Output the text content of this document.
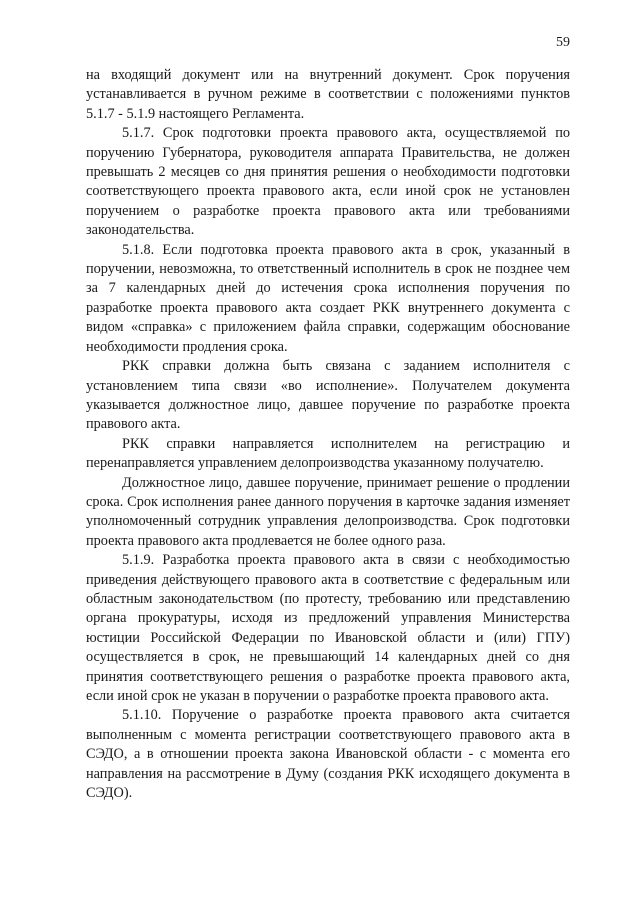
59

на входящий документ или на внутренний документ. Срок поручения устанавливается в ручном режиме в соответствии с положениями пунктов 5.1.7 - 5.1.9 настоящего Регламента.

5.1.7. Срок подготовки проекта правового акта, осуществляемой по поручению Губернатора, руководителя аппарата Правительства, не должен превышать 2 месяцев со дня принятия решения о необходимости подготовки соответствующего проекта правового акта, если иной срок не установлен поручением о разработке проекта правового акта или требованиями законодательства.

5.1.8. Если подготовка проекта правового акта в срок, указанный в поручении, невозможна, то ответственный исполнитель в срок не позднее чем за 7 календарных дней до истечения срока исполнения поручения по разработке проекта правового акта создает РКК внутреннего документа с видом «справка» с приложением файла справки, содержащим обоснование необходимости продления срока.

РКК справки должна быть связана с заданием исполнителя с установлением типа связи «во исполнение». Получателем документа указывается должностное лицо, давшее поручение по разработке проекта правового акта.

РКК справки направляется исполнителем на регистрацию и перенаправляется управлением делопроизводства указанному получателю.

Должностное лицо, давшее поручение, принимает решение о продлении срока. Срок исполнения ранее данного поручения в карточке задания изменяет уполномоченный сотрудник управления делопроизводства. Срок подготовки проекта правового акта продлевается не более одного раза.

5.1.9. Разработка проекта правового акта в связи с необходимостью приведения действующего правового акта в соответствие с федеральным или областным законодательством (по протесту, требованию или представлению органа прокуратуры, исходя из предложений управления Министерства юстиции Российской Федерации по Ивановской области и (или) ГПУ) осуществляется в срок, не превышающий 14 календарных дней со дня принятия соответствующего решения о разработке проекта правового акта, если иной срок не указан в поручении о разработке проекта правового акта.

5.1.10. Поручение о разработке проекта правового акта считается выполненным с момента регистрации соответствующего правового акта в СЭДО, а в отношении проекта закона Ивановской области - с момента его направления на рассмотрение в Думу (создания РКК исходящего документа в СЭДО).
